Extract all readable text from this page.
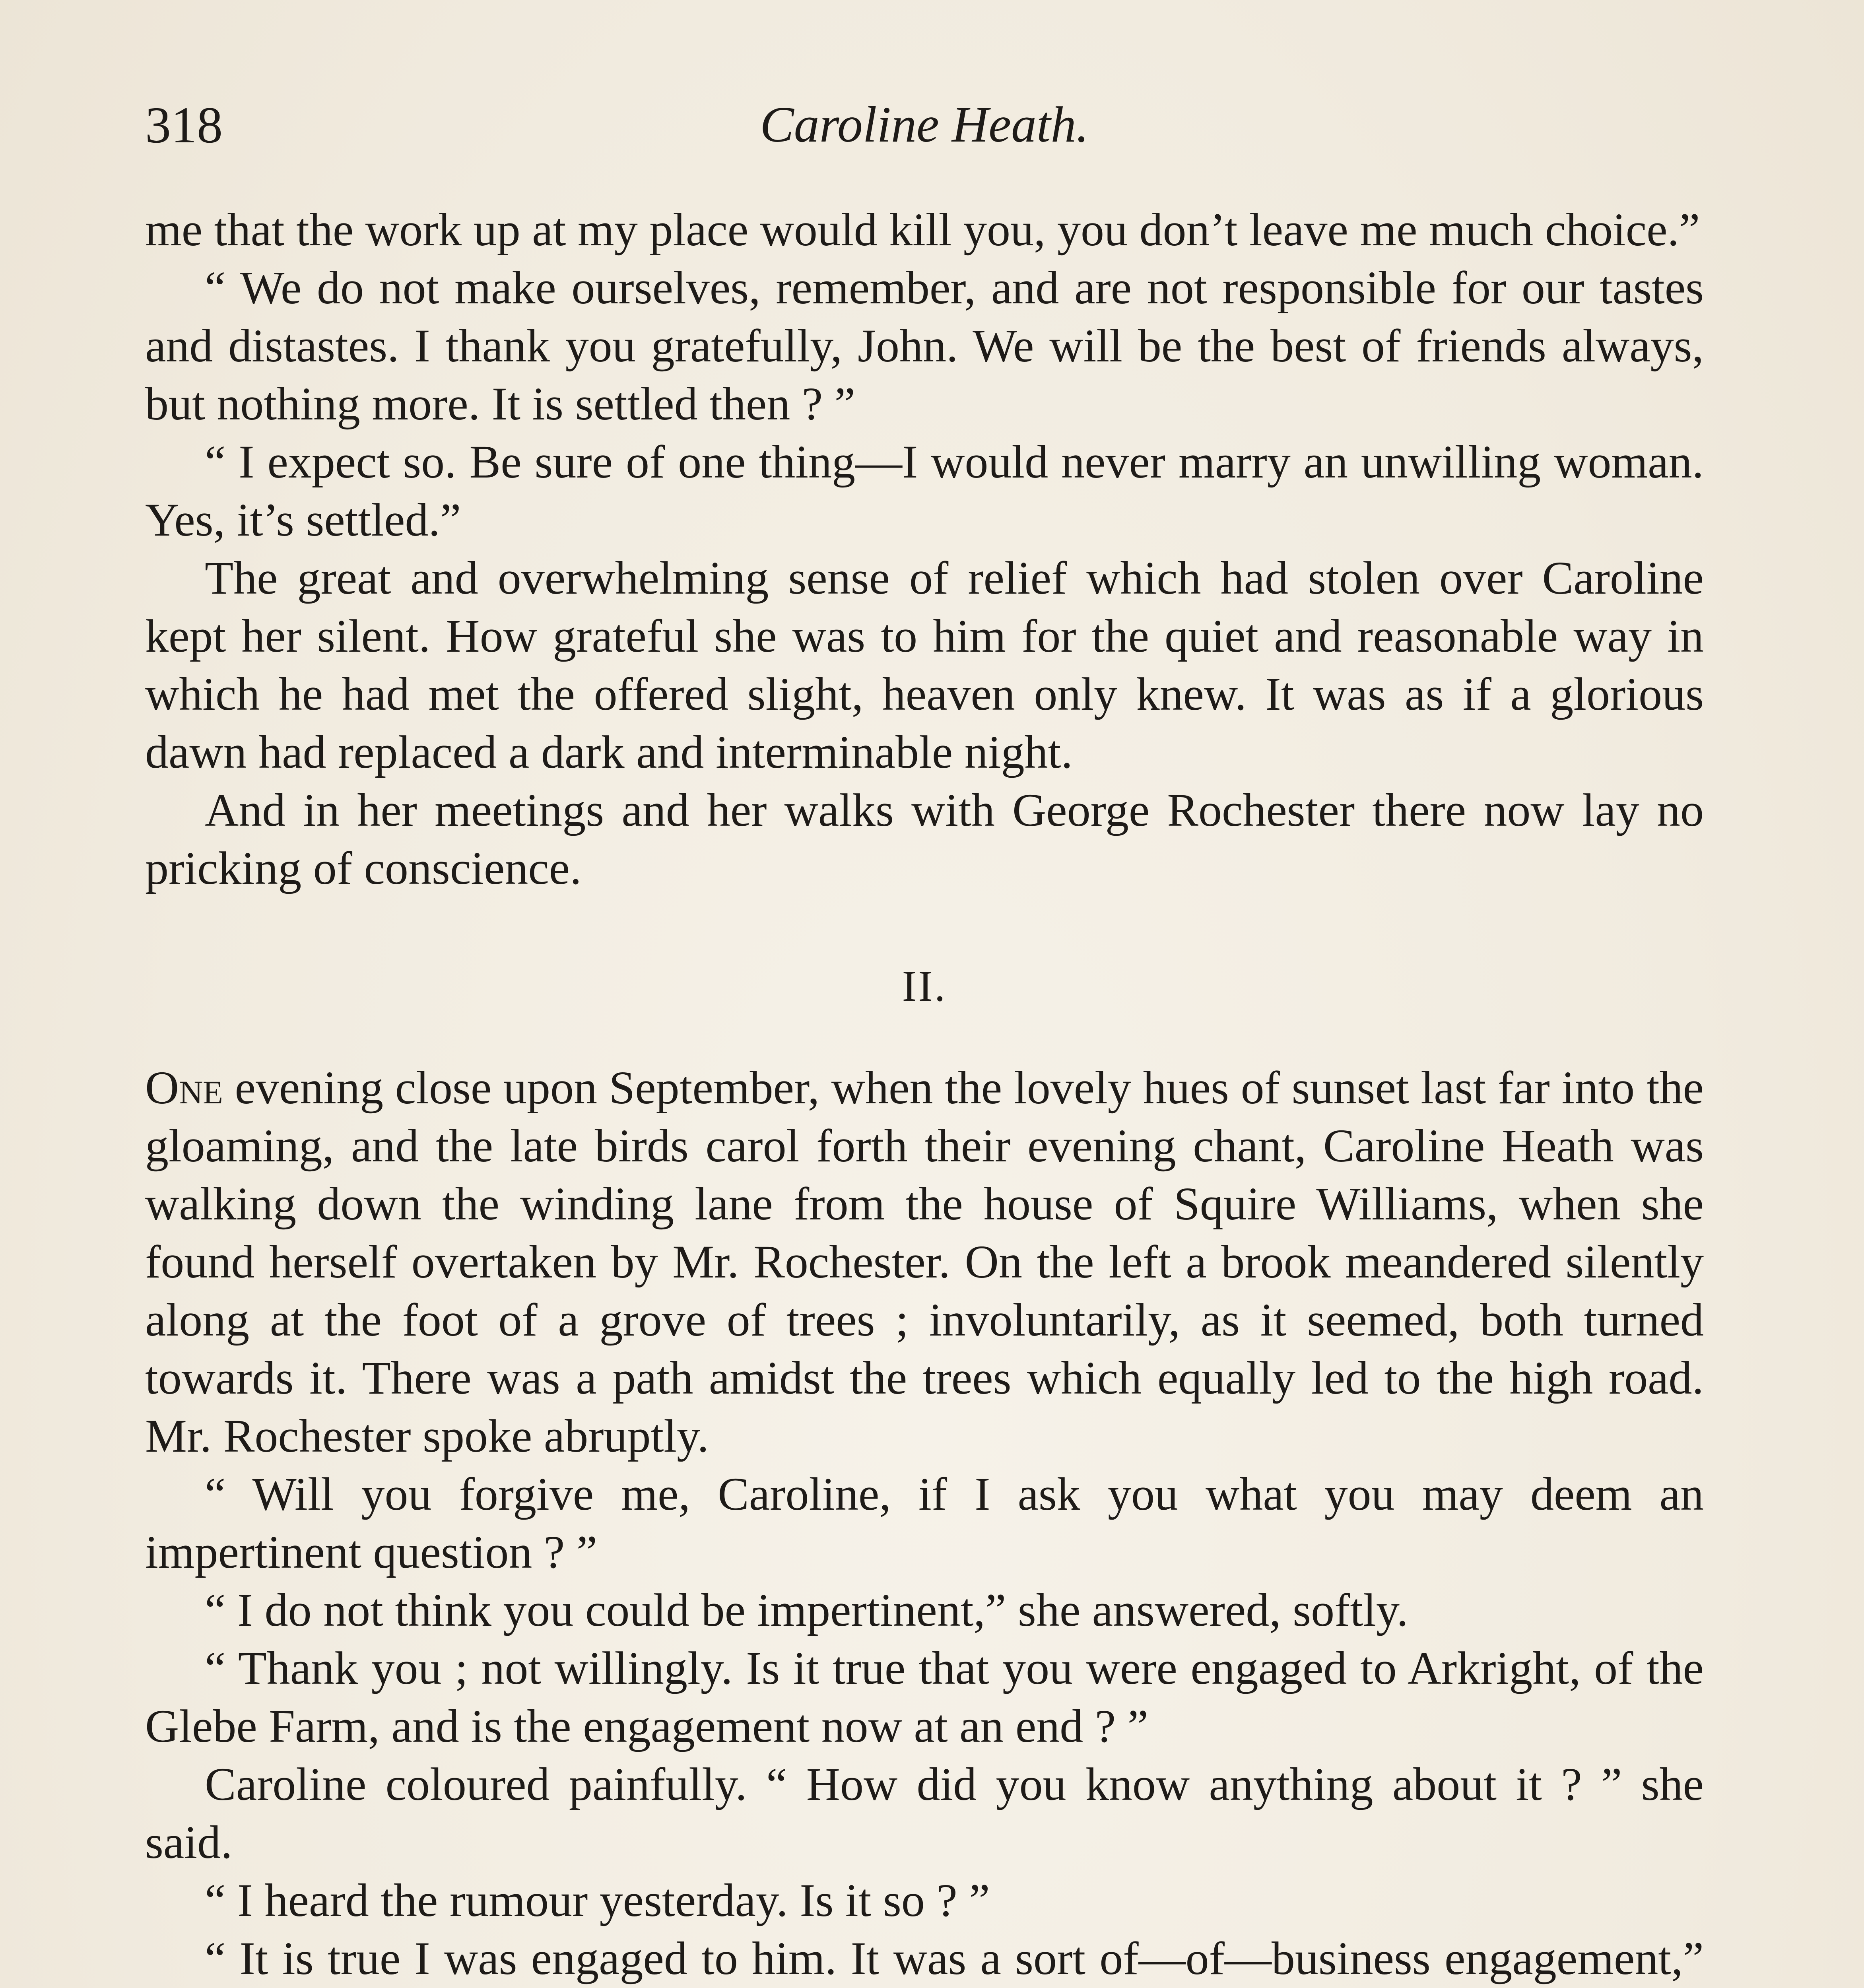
318	Caroline Heath.

me that the work up at my place would kill you, you don’t leave me much choice.”

“ We do not make ourselves, remember, and are not responsible for our tastes and distastes. I thank you gratefully, John. We will be the best of friends always, but nothing more. It is settled then ? ”

“ I expect so. Be sure of one thing—I would never marry an unwilling woman. Yes, it’s settled.”

The great and overwhelming sense of relief which had stolen over Caroline kept her silent. How grateful she was to him for the quiet and reasonable way in which he had met the offered slight, heaven only knew. It was as if a glorious dawn had replaced a dark and interminable night.

And in her meetings and her walks with George Rochester there now lay no pricking of conscience.

II.

One evening close upon September, when the lovely hues of sunset last far into the gloaming, and the late birds carol forth their evening chant, Caroline Heath was walking down the winding lane from the house of Squire Williams, when she found herself overtaken by Mr. Rochester. On the left a brook meandered silently along at the foot of a grove of trees ; involuntarily, as it seemed, both turned towards it. There was a path amidst the trees which equally led to the high road. Mr. Rochester spoke abruptly.

“ Will you forgive me, Caroline, if I ask you what you may deem an impertinent question ? ”

“ I do not think you could be impertinent,” she answered, softly.

“ Thank you ; not willingly. Is it true that you were engaged to Arkright, of the Glebe Farm, and is the engagement now at an end ? ”

Caroline coloured painfully. “ How did you know anything about it ? ” she said.

“ I heard the rumour yesterday. Is it so ? ”

“ It is true I was engaged to him. It was a sort of—of—business engagement,”
